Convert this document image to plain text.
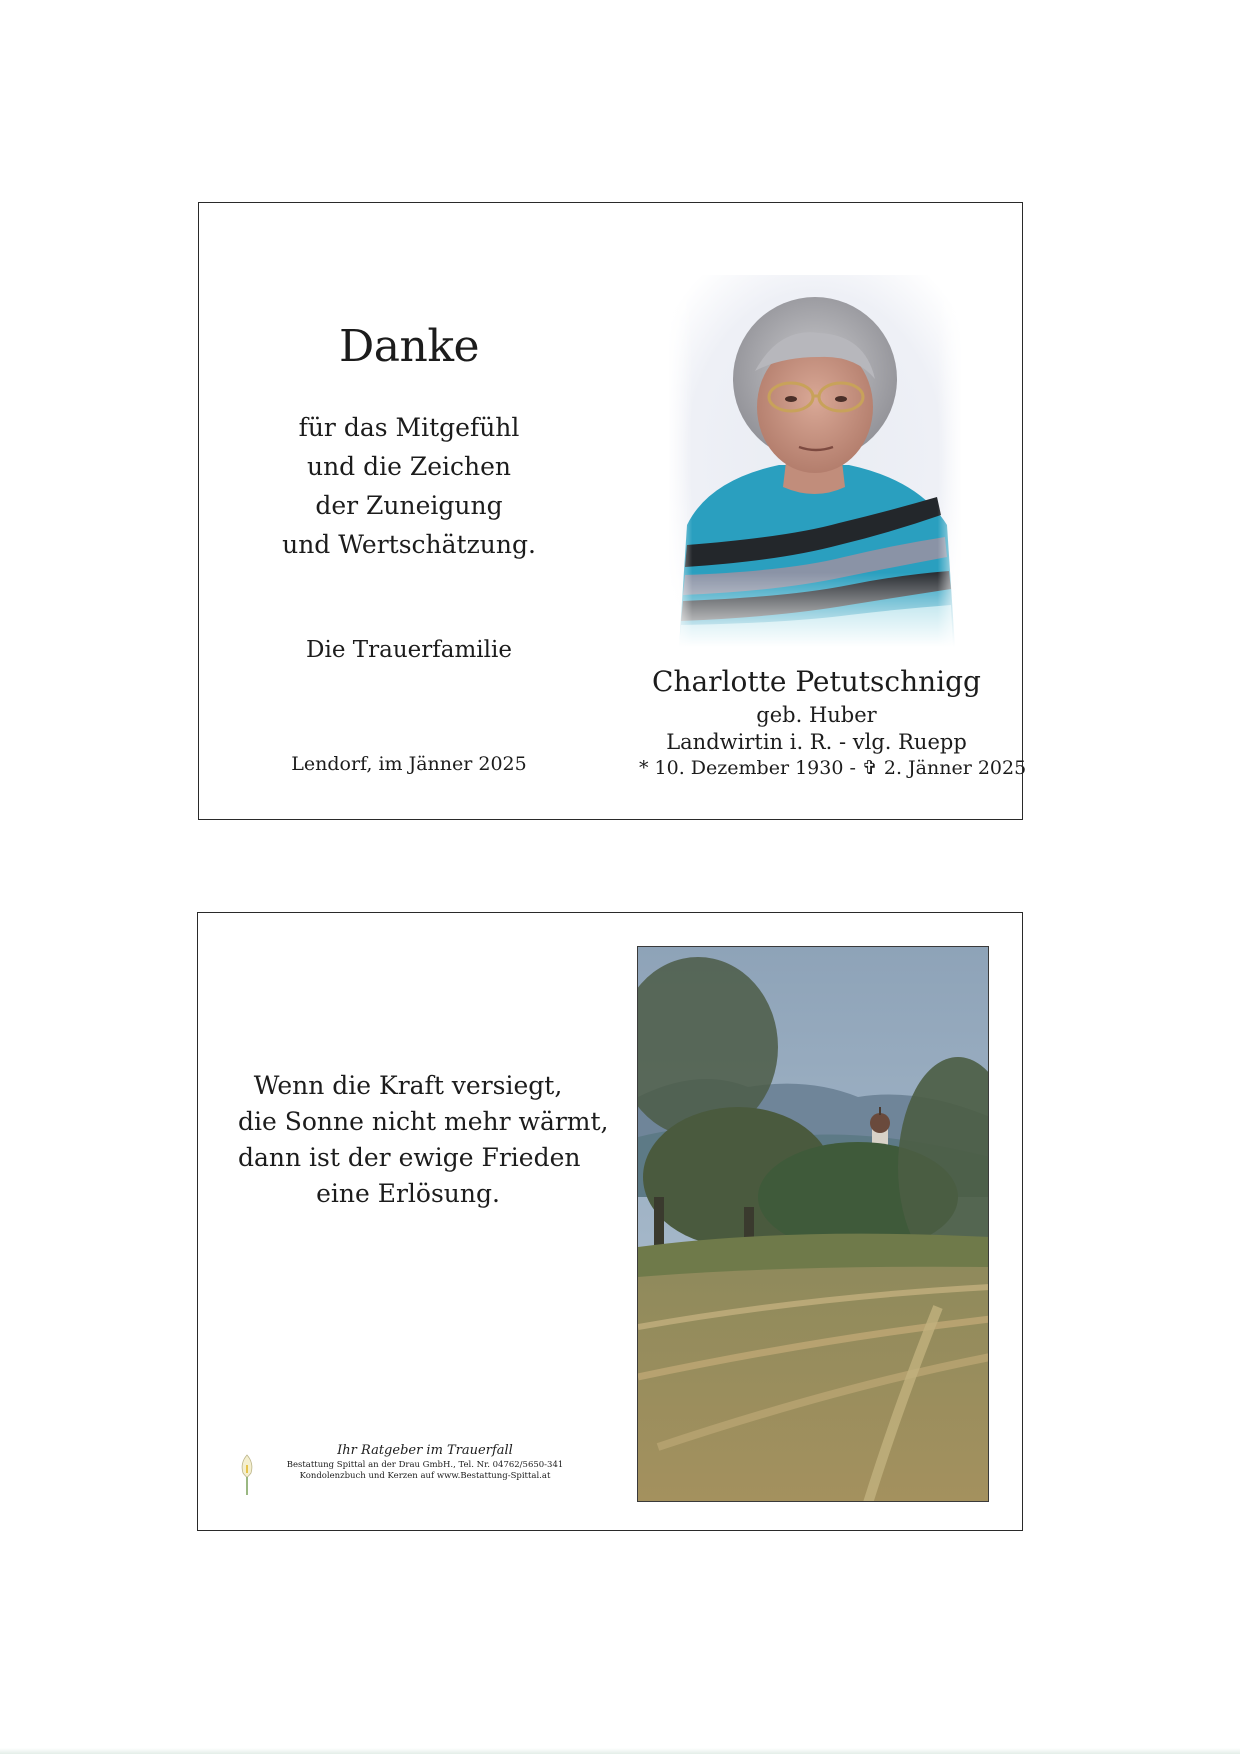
Danke
für das Mitgefühl
und die Zeichen
der Zuneigung
und Wertschätzung.
Die Trauerfamilie
Lendorf, im Jänner 2025
Charlotte Petutschnigg
geb. Huber
Landwirtin i. R. - vlg. Ruepp
* 10. Dezember 1930 - ✞ 2. Jänner 2025
Wenn die Kraft versiegt,
die Sonne nicht mehr wärmt,
dann ist der ewige Frieden
eine Erlösung.
Ihr Ratgeber im Trauerfall
Bestattung Spittal an der Drau GmbH., Tel. Nr. 04762/5650-341
Kondolenzbuch und Kerzen auf www.Bestattung-Spittal.at
